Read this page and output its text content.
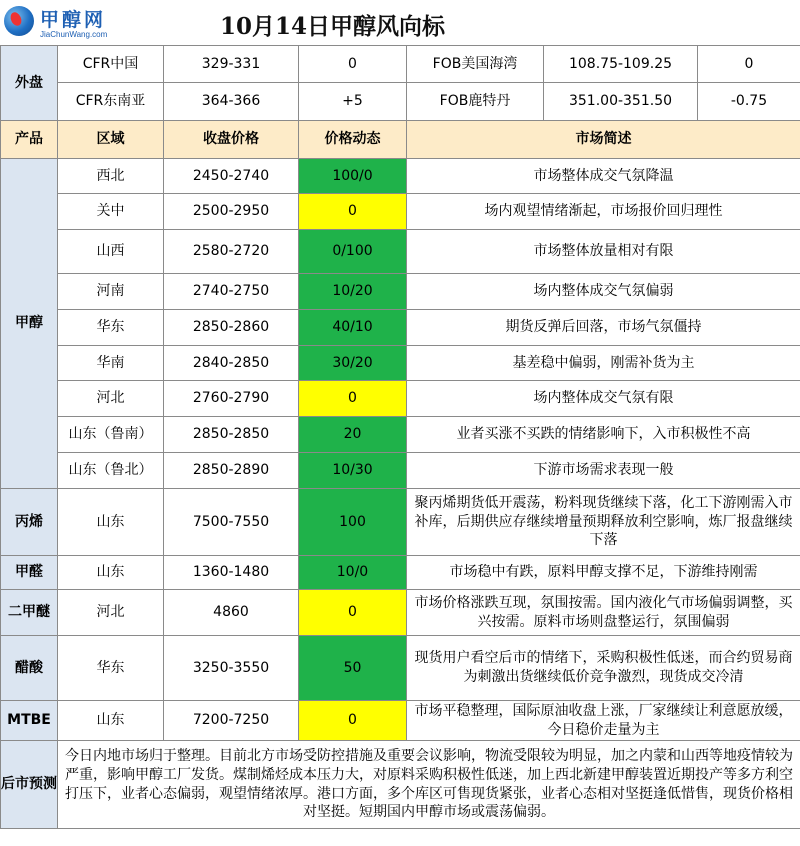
甲醇网
JiaChunWang.com	10月14日甲醇风向标
外盘	CFR中国	329-331	0	FOB美国海湾	108.75-109.25	0
	CFR东南亚	364-366	+5	FOB鹿特丹	351.00-351.50	-0.75
产品	区域	收盘价格	价格动态	市场简述		
甲醇	西北	2450-2740	100/0	市场整体成交气氛降温		
	关中	2500-2950	0	场内观望情绪渐起，市场报价回归理性		
	山西	2580-2720	0/100	市场整体放量相对有限		
	河南	2740-2750	10/20	场内整体成交气氛偏弱		
	华东	2850-2860	40/10	期货反弹后回落，市场气氛僵持		
	华南	2840-2850	30/20	基差稳中偏弱，刚需补货为主		
	河北	2760-2790	0	场内整体成交气氛有限		
	山东（鲁南）	2850-2850	20	业者买涨不买跌的情绪影响下，入市积极性不高		
	山东（鲁北）	2850-2890	10/30	下游市场需求表现一般		
丙烯	山东	7500-7550	100	聚丙烯期货低开震荡，粉料现货继续下落，化工下游刚需入市补库，后期供应存继续增量预期释放利空影响，炼厂报盘继续下落		
甲醛	山东	1360-1480	10/0	市场稳中有跌，原料甲醇支撑不足，下游维持刚需		
二甲醚	河北	4860	0	市场价格涨跌互现，氛围按需。国内液化气市场偏弱调整，买兴按需。原料市场则盘整运行，氛围偏弱		
醋酸	华东	3250-3550	50	现货用户看空后市的情绪下，采购积极性低迷，而合约贸易商为刺激出货继续低价竞争激烈，现货成交冷清		
MTBE	山东	7200-7250	0	市场平稳整理，国际原油收盘上涨，厂家继续让利意愿放缓，今日稳价走量为主		
后市预测	今日内地市场归于整理。目前北方市场受防控措施及重要会议影响，物流受限较为明显，加之内蒙和山西等地疫情较为严重，影响甲醇工厂发货。煤制烯烃成本压力大，对原料采购积极性低迷，加上西北新建甲醇装置近期投产等多方利空打压下，业者心态偏弱，观望情绪浓厚。港口方面，多个库区可售现货紧张，业者心态相对坚挺逢低惜售，现货价格相对坚挺。短期国内甲醇市场或震荡偏弱。					
